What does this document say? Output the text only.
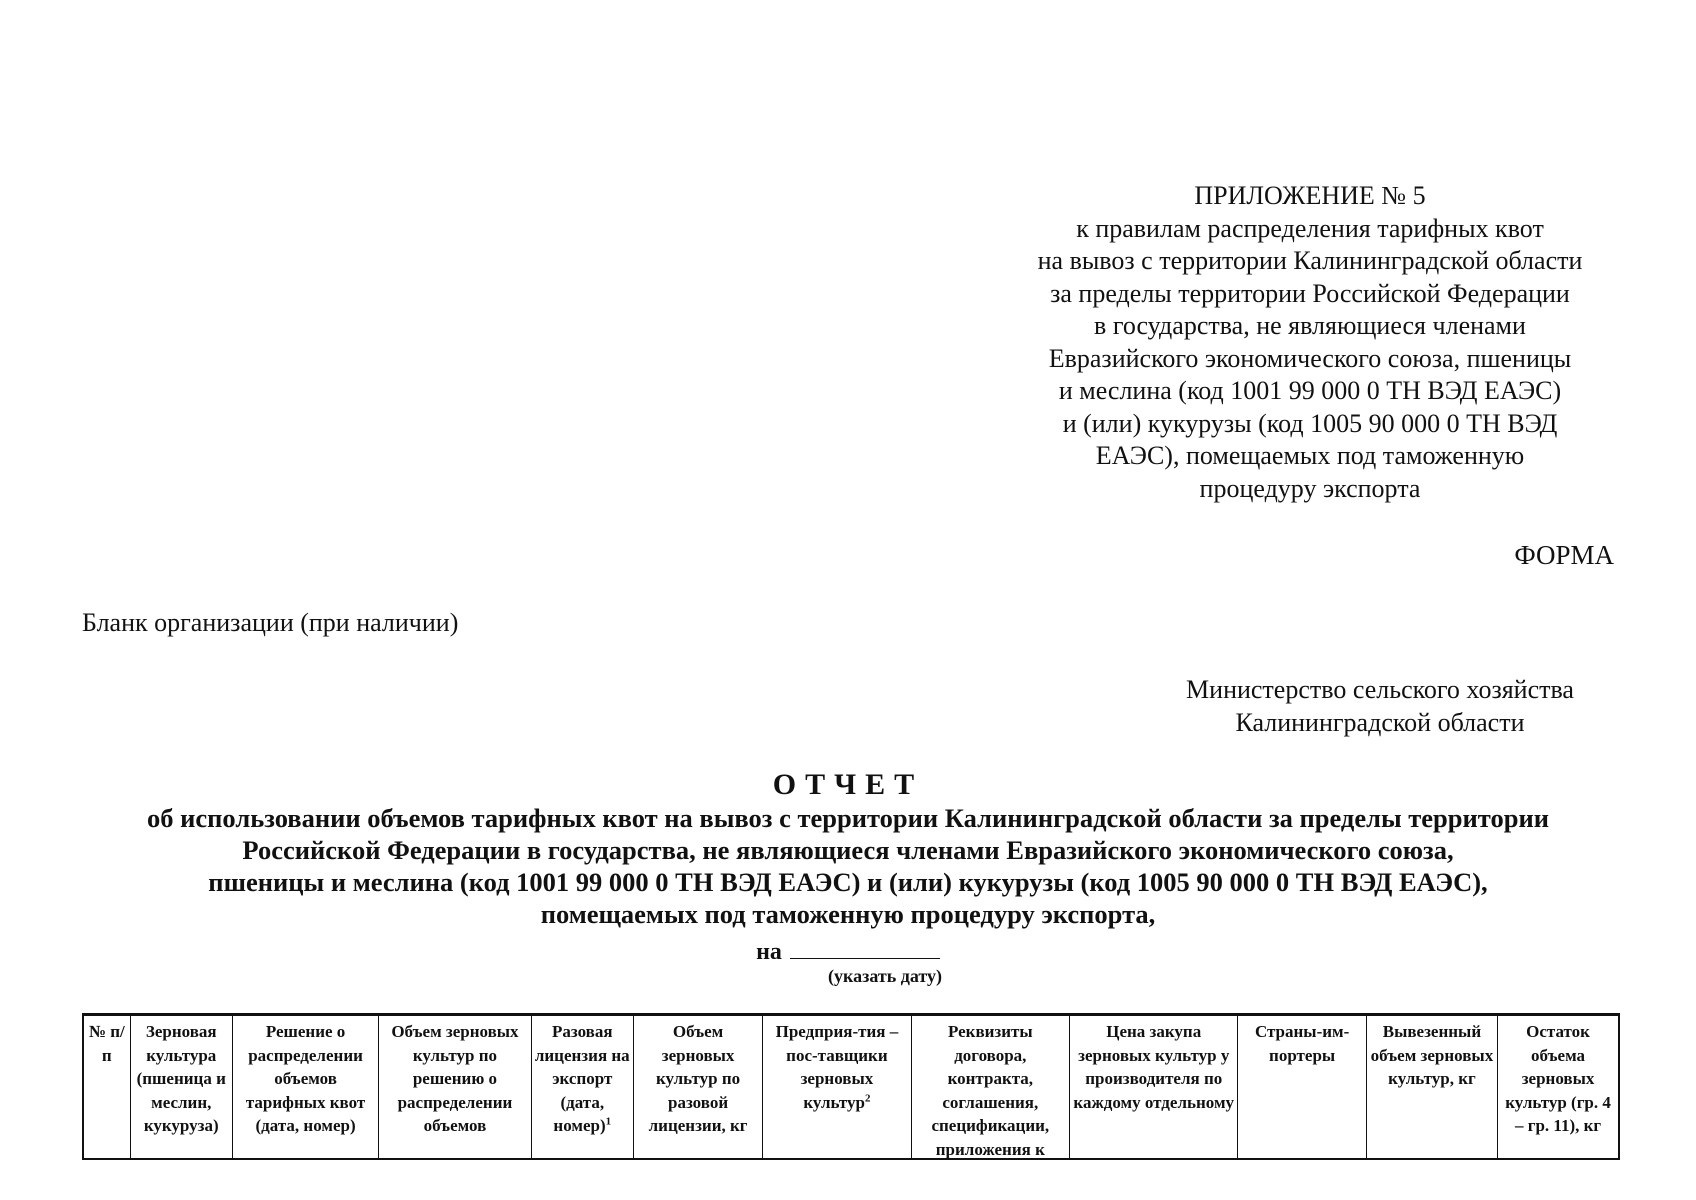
ПРИЛОЖЕНИЕ № 5
к правилам распределения тарифных квот
на вывоз с территории Калининградской области
за пределы территории Российской Федерации
в государства, не являющиеся членами
Евразийского экономического союза, пшеницы
и меслина (код 1001 99 000 0 ТН ВЭД ЕАЭС)
и (или) кукурузы (код 1005 90 000 0 ТН ВЭД
ЕАЭС), помещаемых под таможенную
процедуру экспорта
ФОРМА
Бланк организации (при наличии)
Министерство сельского хозяйства
Калининградской области
ОТЧЕТ
об использовании объемов тарифных квот на вывоз с территории Калининградской области за пределы территории
Российской Федерации в государства, не являющиеся членами Евразийского экономического союза,
пшеницы и меслина (код 1001 99 000 0 ТН ВЭД ЕАЭС) и (или) кукурузы (код 1005 90 000 0 ТН ВЭД ЕАЭС),
помещаемых под таможенную процедуру экспорта,
на
(указать дату)
№ п/п	Зерновая культура (пшеница и меслин, кукуруза)	Решение о распределении объемов тарифных квот (дата, номер)	Объем зерновых культур по решению о распределении объемов	Разовая лицензия на экспорт (дата, номер)$^1$	Объем зерновых культур по разовой лицензии, кг	Предприя-тия – пос-тавщики зерновых культур$^2$	Реквизиты договора, контракта, соглашения, спецификации, приложения к	Цена закупа зерновых культур у производителя по каждому отдельному	Страны-им-портеры	Вывезенный объем зерновых культур, кг	Остаток объема зерновых культур (гр. 4 – гр. 11), кг
